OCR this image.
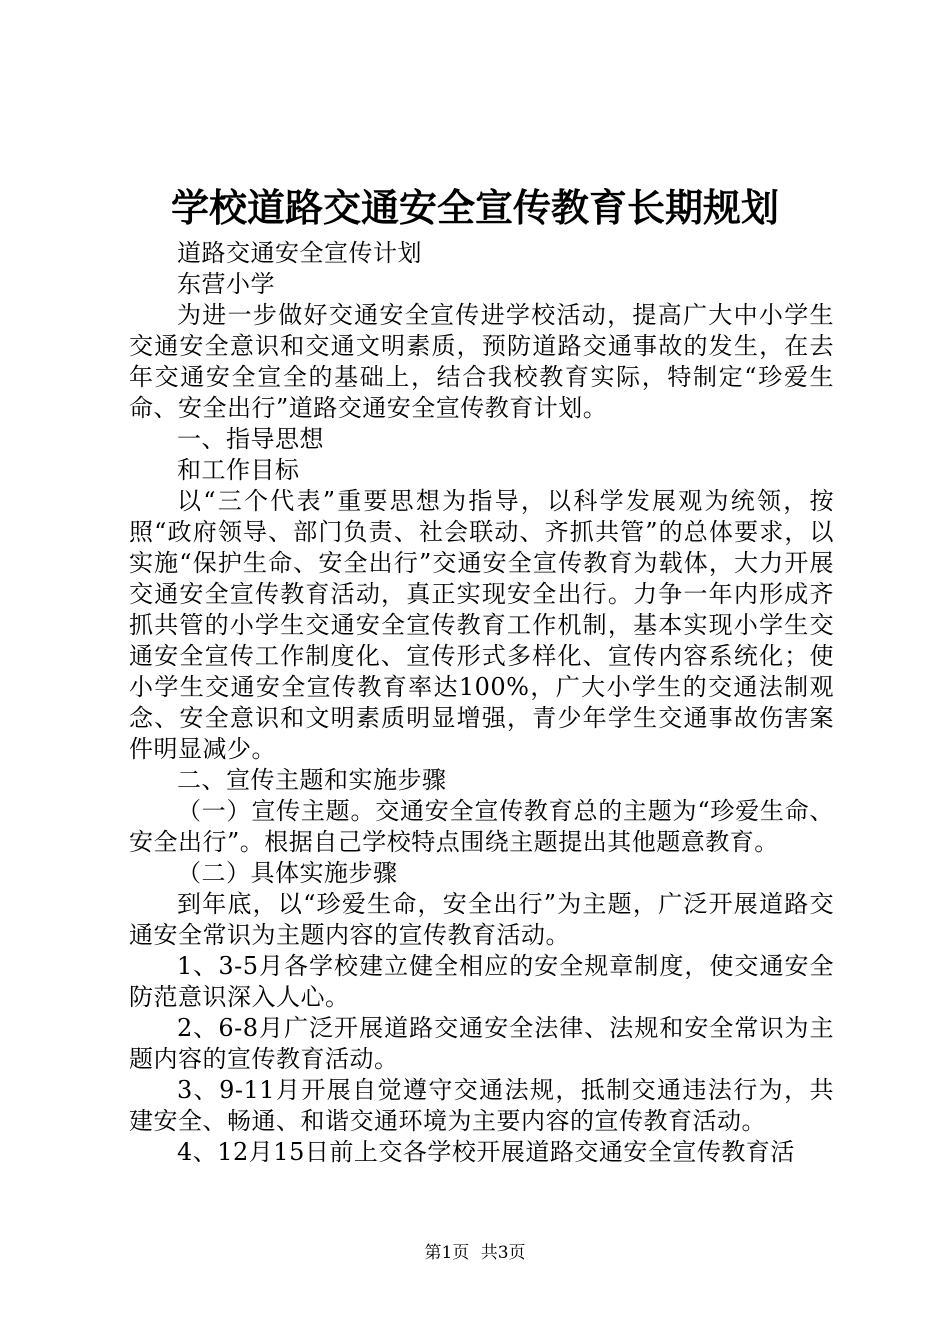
学校道路交通安全宣传教育长期规划

道路交通安全宣传计划

东营小学

为进一步做好交通安全宣传进学校活动，提高广大中小学生交通安全意识和交通文明素质，预防道路交通事故的发生，在去年交通安全宣全的基础上，结合我校教育实际，特制定“珍爱生命、安全出行”道路交通安全宣传教育计划。

一、指导思想

和工作目标

以“三个代表”重要思想为指导，以科学发展观为统领，按照“政府领导、部门负责、社会联动、齐抓共管”的总体要求，以实施“保护生命、安全出行”交通安全宣传教育为载体，大力开展交通安全宣传教育活动，真正实现安全出行。力争一年内形成齐抓共管的小学生交通安全宣传教育工作机制，基本实现小学生交通安全宣传工作制度化、宣传形式多样化、宣传内容系统化；使小学生交通安全宣传教育率达100%，广大小学生的交通法制观念、安全意识和文明素质明显增强，青少年学生交通事故伤害案件明显减少。

二、宣传主题和实施步骤

（一）宣传主题。交通安全宣传教育总的主题为“珍爱生命、安全出行”。根据自己学校特点围绕主题提出其他题意教育。

（二）具体实施步骤

到年底，以“珍爱生命，安全出行”为主题，广泛开展道路交通安全常识为主题内容的宣传教育活动。

1、3-5月各学校建立健全相应的安全规章制度，使交通安全防范意识深入人心。

2、6-8月广泛开展道路交通安全法律、法规和安全常识为主题内容的宣传教育活动。

3、9-11月开展自觉遵守交通法规，抵制交通违法行为，共建安全、畅通、和谐交通环境为主要内容的宣传教育活动。

4、12月15日前上交各学校开展道路交通安全宣传教育活

第1页 共3页
